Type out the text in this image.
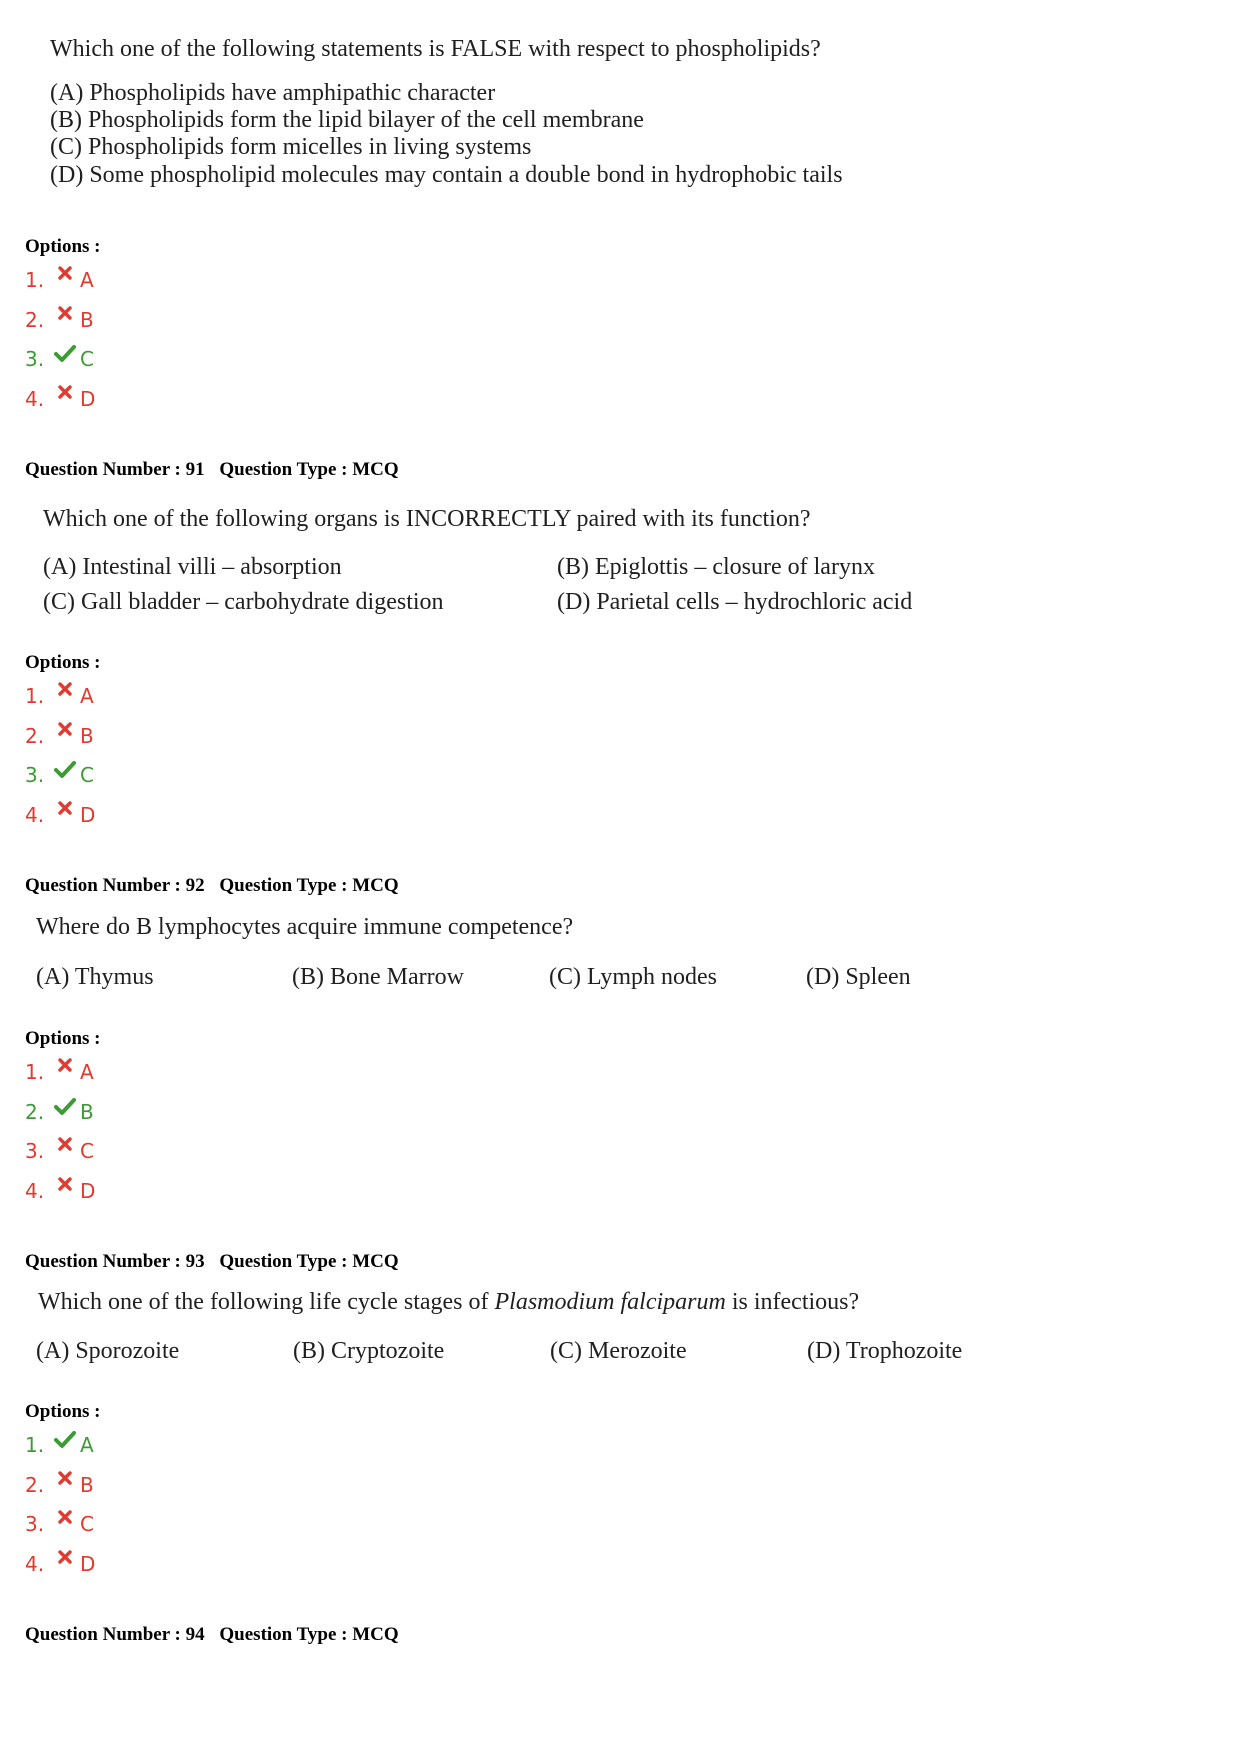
Which one of the following statements is FALSE with respect to phospholipids?
(A) Phospholipids have amphipathic character
(B) Phospholipids form the lipid bilayer of the cell membrane
(C) Phospholipids form micelles in living systems
(D) Some phospholipid molecules may contain a double bond in hydrophobic tails
Options :
1.	A
2.	B
3.	C
4.	D
Question Number : 91 Question Type : MCQ
Which one of the following organs is INCORRECTLY paired with its function?
(A) Intestinal villi – absorption	(B) Epiglottis – closure of larynx
(C) Gall bladder – carbohydrate digestion	(D) Parietal cells – hydrochloric acid
Options :
1.	A
2.	B
3.	C
4.	D
Question Number : 92 Question Type : MCQ
Where do B lymphocytes acquire immune competence?
(A) Thymus	(B) Bone Marrow	(C) Lymph nodes	(D) Spleen
Options :
1.	A
2.	B
3.	C
4.	D
Question Number : 93 Question Type : MCQ
Which one of the following life cycle stages of Plasmodium falciparum is infectious?
(A) Sporozoite	(B) Cryptozoite	(C) Merozoite	(D) Trophozoite
Options :
1.	A
2.	B
3.	C
4.	D
Question Number : 94 Question Type : MCQ
